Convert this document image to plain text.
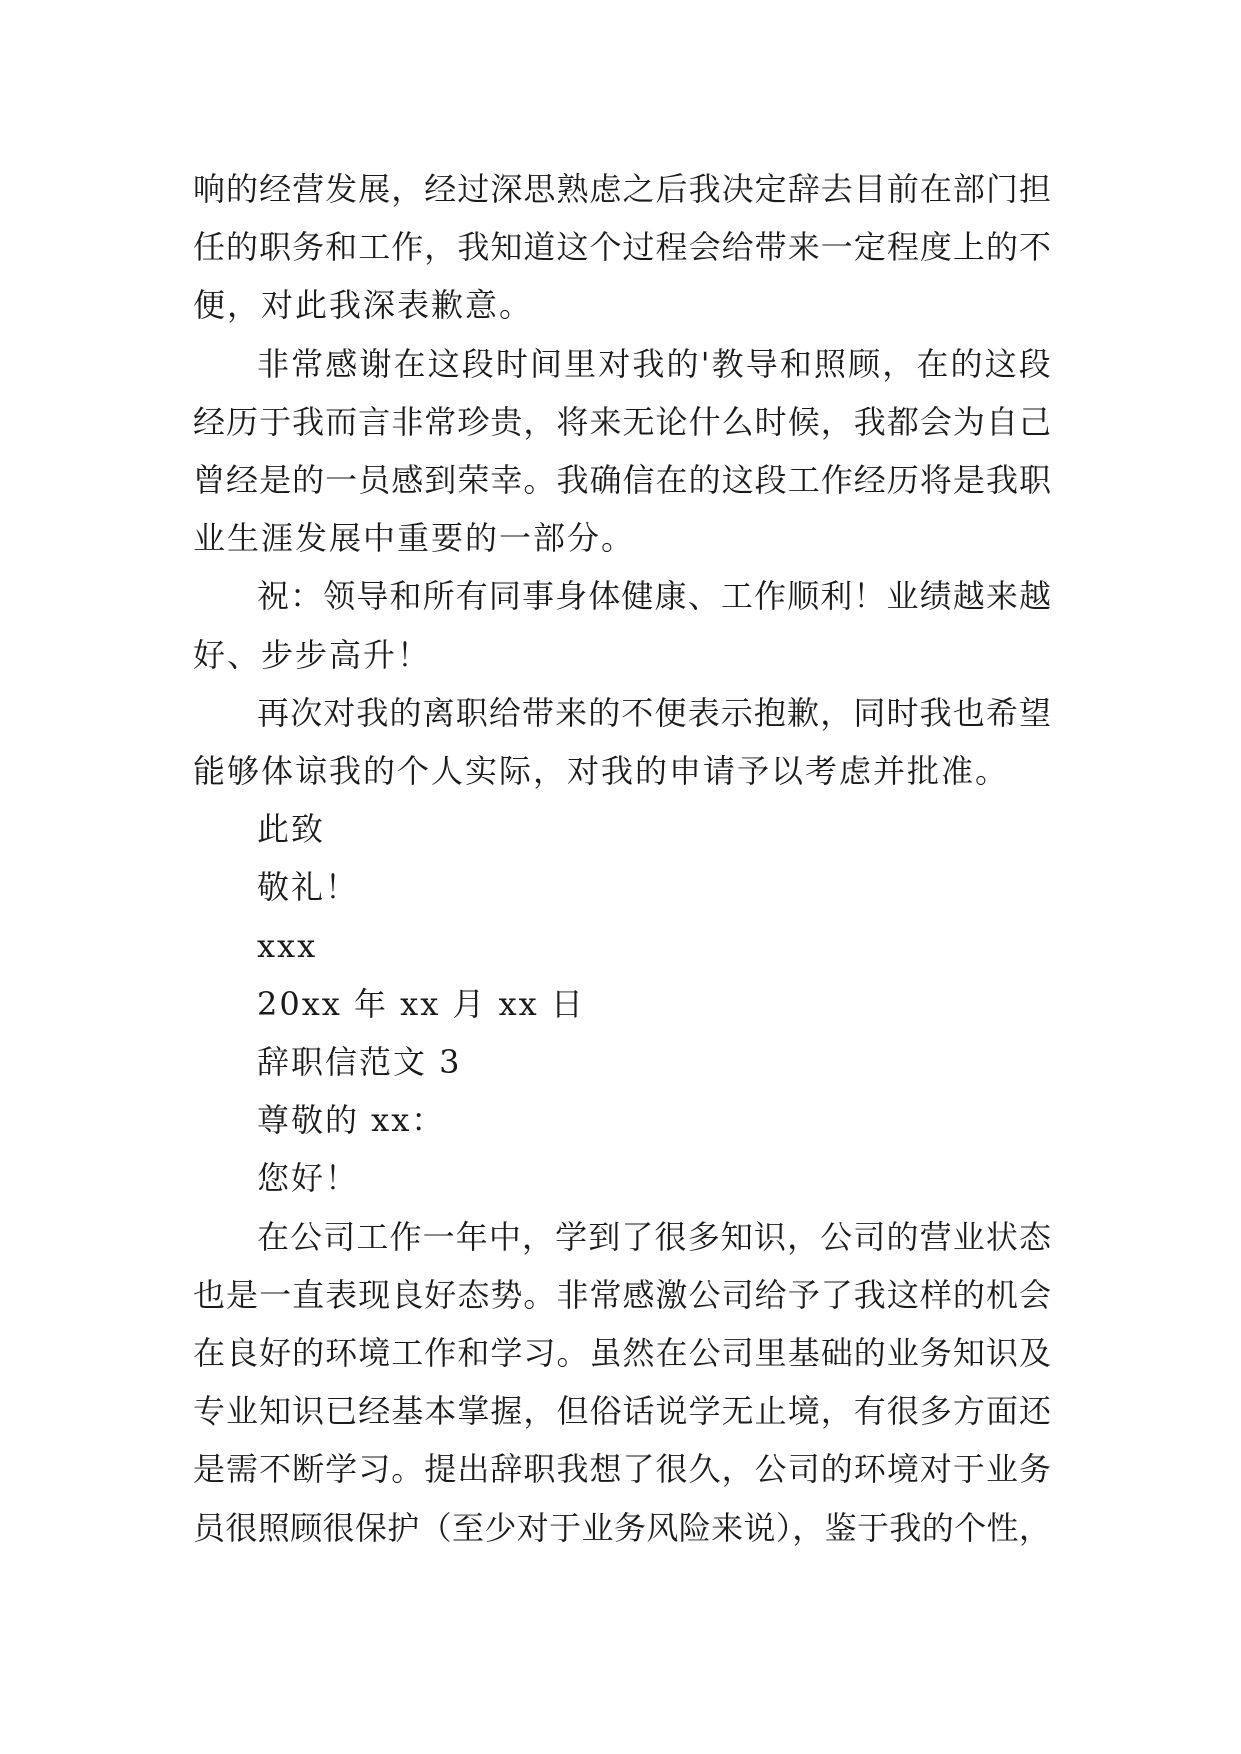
响的经营发展，经过深思熟虑之后我决定辞去目前在部门担
任的职务和工作，我知道这个过程会给带来一定程度上的不
便，对此我深表歉意。
非常感谢在这段时间里对我的'教导和照顾，在的这段
经历于我而言非常珍贵，将来无论什么时候，我都会为自己
曾经是的一员感到荣幸。我确信在的这段工作经历将是我职
业生涯发展中重要的一部分。
祝：领导和所有同事身体健康、工作顺利！业绩越来越
好、步步高升！
再次对我的离职给带来的不便表示抱歉，同时我也希望
能够体谅我的个人实际，对我的申请予以考虑并批准。
此致
敬礼！
xxx
20xx 年 xx 月 xx 日
辞职信范文 3
尊敬的 xx：
您好！
在公司工作一年中，学到了很多知识，公司的营业状态
也是一直表现良好态势。非常感激公司给予了我这样的机会
在良好的环境工作和学习。虽然在公司里基础的业务知识及
专业知识已经基本掌握，但俗话说学无止境，有很多方面还
是需不断学习。提出辞职我想了很久，公司的环境对于业务
员很照顾很保护（至少对于业务风险来说），鉴于我的个性，
